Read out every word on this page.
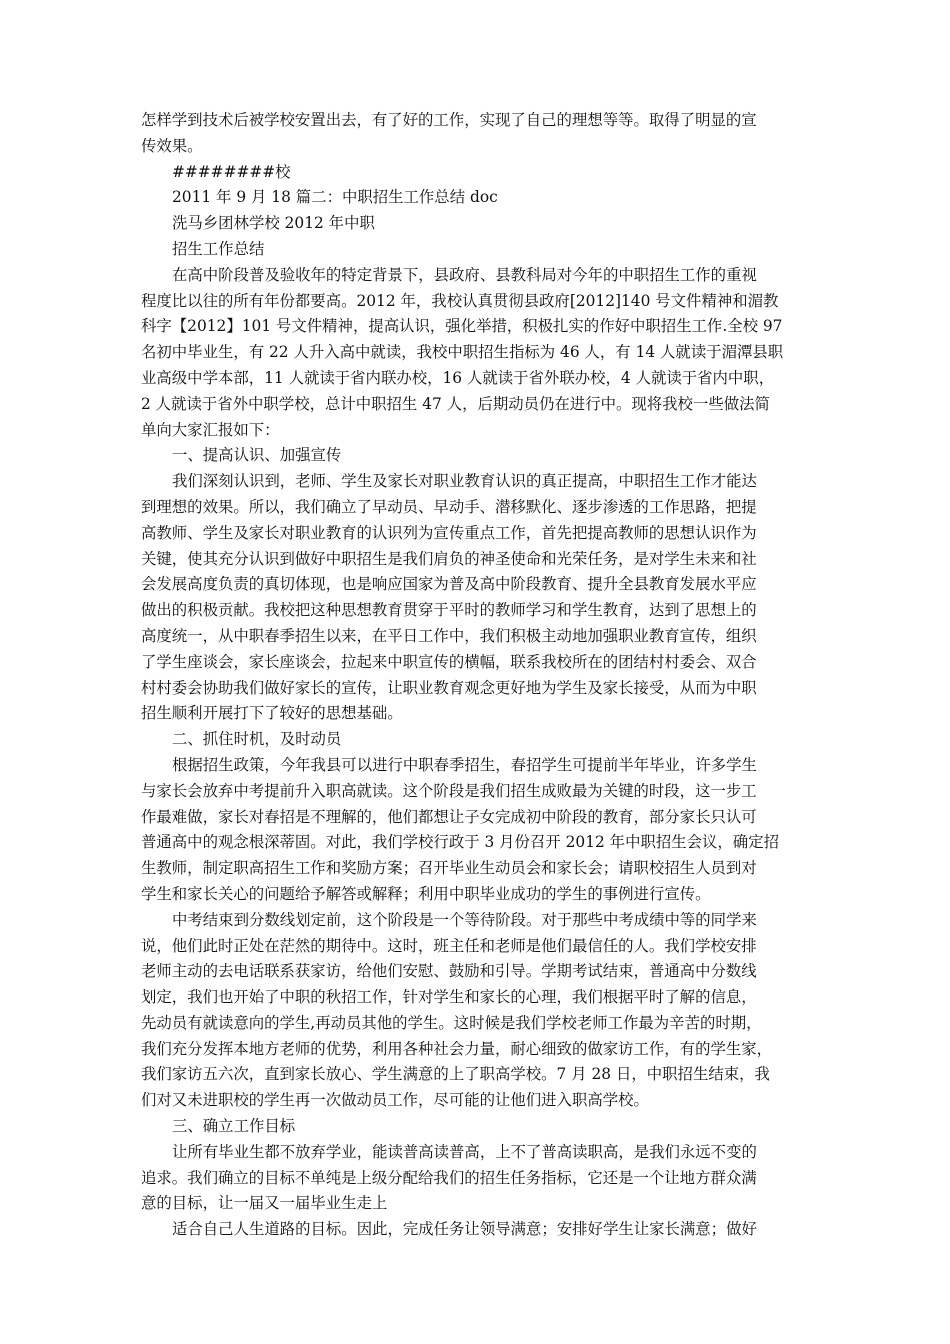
怎样学到技术后被学校安置出去，有了好的工作，实现了自己的理想等等。取得了明显的宣
传效果。

########校

2011 年 9 月 18 篇二：中职招生工作总结 doc

洗马乡团林学校 2012 年中职

招生工作总结

在高中阶段普及验收年的特定背景下，县政府、县教科局对今年的中职招生工作的重视
程度比以往的所有年份都要高。2012 年，我校认真贯彻县政府[2012]140 号文件精神和湄教
科字【2012】101 号文件精神，提高认识，强化举措，积极扎实的作好中职招生工作.全校 97
名初中毕业生，有 22 人升入高中就读，我校中职招生指标为 46 人，有 14 人就读于湄潭县职
业高级中学本部，11 人就读于省内联办校，16 人就读于省外联办校，4 人就读于省内中职，
2 人就读于省外中职学校，总计中职招生 47 人，后期动员仍在进行中。现将我校一些做法简
单向大家汇报如下：

一、提高认识、加强宣传

我们深刻认识到，老师、学生及家长对职业教育认识的真正提高，中职招生工作才能达
到理想的效果。所以，我们确立了早动员、早动手、潜移默化、逐步渗透的工作思路，把提
高教师、学生及家长对职业教育的认识列为宣传重点工作，首先把提高教师的思想认识作为
关键，使其充分认识到做好中职招生是我们肩负的神圣使命和光荣任务，是对学生未来和社
会发展高度负责的真切体现，也是响应国家为普及高中阶段教育、提升全县教育发展水平应
做出的积极贡献。我校把这种思想教育贯穿于平时的教师学习和学生教育，达到了思想上的
高度统一，从中职春季招生以来，在平日工作中，我们积极主动地加强职业教育宣传，组织
了学生座谈会，家长座谈会，拉起来中职宣传的横幅，联系我校所在的团结村村委会、双合
村村委会协助我们做好家长的宣传，让职业教育观念更好地为学生及家长接受，从而为中职
招生顺利开展打下了较好的思想基础。

二、抓住时机，及时动员

根据招生政策，今年我县可以进行中职春季招生，春招学生可提前半年毕业，许多学生
与家长会放弃中考提前升入职高就读。这个阶段是我们招生成败最为关键的时段，这一步工
作最难做，家长对春招是不理解的，他们都想让子女完成初中阶段的教育，部分家长只认可
普通高中的观念根深蒂固。对此，我们学校行政于 3 月份召开 2012 年中职招生会议，确定招
生教师，制定职高招生工作和奖励方案；召开毕业生动员会和家长会；请职校招生人员到对
学生和家长关心的问题给予解答或解释；利用中职毕业成功的学生的事例进行宣传。

中考结束到分数线划定前，这个阶段是一个等待阶段。对于那些中考成绩中等的同学来
说，他们此时正处在茫然的期待中。这时，班主任和老师是他们最信任的人。我们学校安排
老师主动的去电话联系获家访，给他们安慰、鼓励和引导。学期考试结束，普通高中分数线
划定，我们也开始了中职的秋招工作，针对学生和家长的心理，我们根据平时了解的信息，
先动员有就读意向的学生,再动员其他的学生。这时候是我们学校老师工作最为辛苦的时期，
我们充分发挥本地方老师的优势，利用各种社会力量，耐心细致的做家访工作，有的学生家，
我们家访五六次，直到家长放心、学生满意的上了职高学校。7 月 28 日，中职招生结束，我
们对又未进职校的学生再一次做动员工作，尽可能的让他们进入职高学校。

三、确立工作目标

让所有毕业生都不放弃学业，能读普高读普高，上不了普高读职高，是我们永远不变的
追求。我们确立的目标不单纯是上级分配给我们的招生任务指标，它还是一个让地方群众满
意的目标，让一届又一届毕业生走上

适合自己人生道路的目标。因此，完成任务让领导满意；安排好学生让家长满意；做好
